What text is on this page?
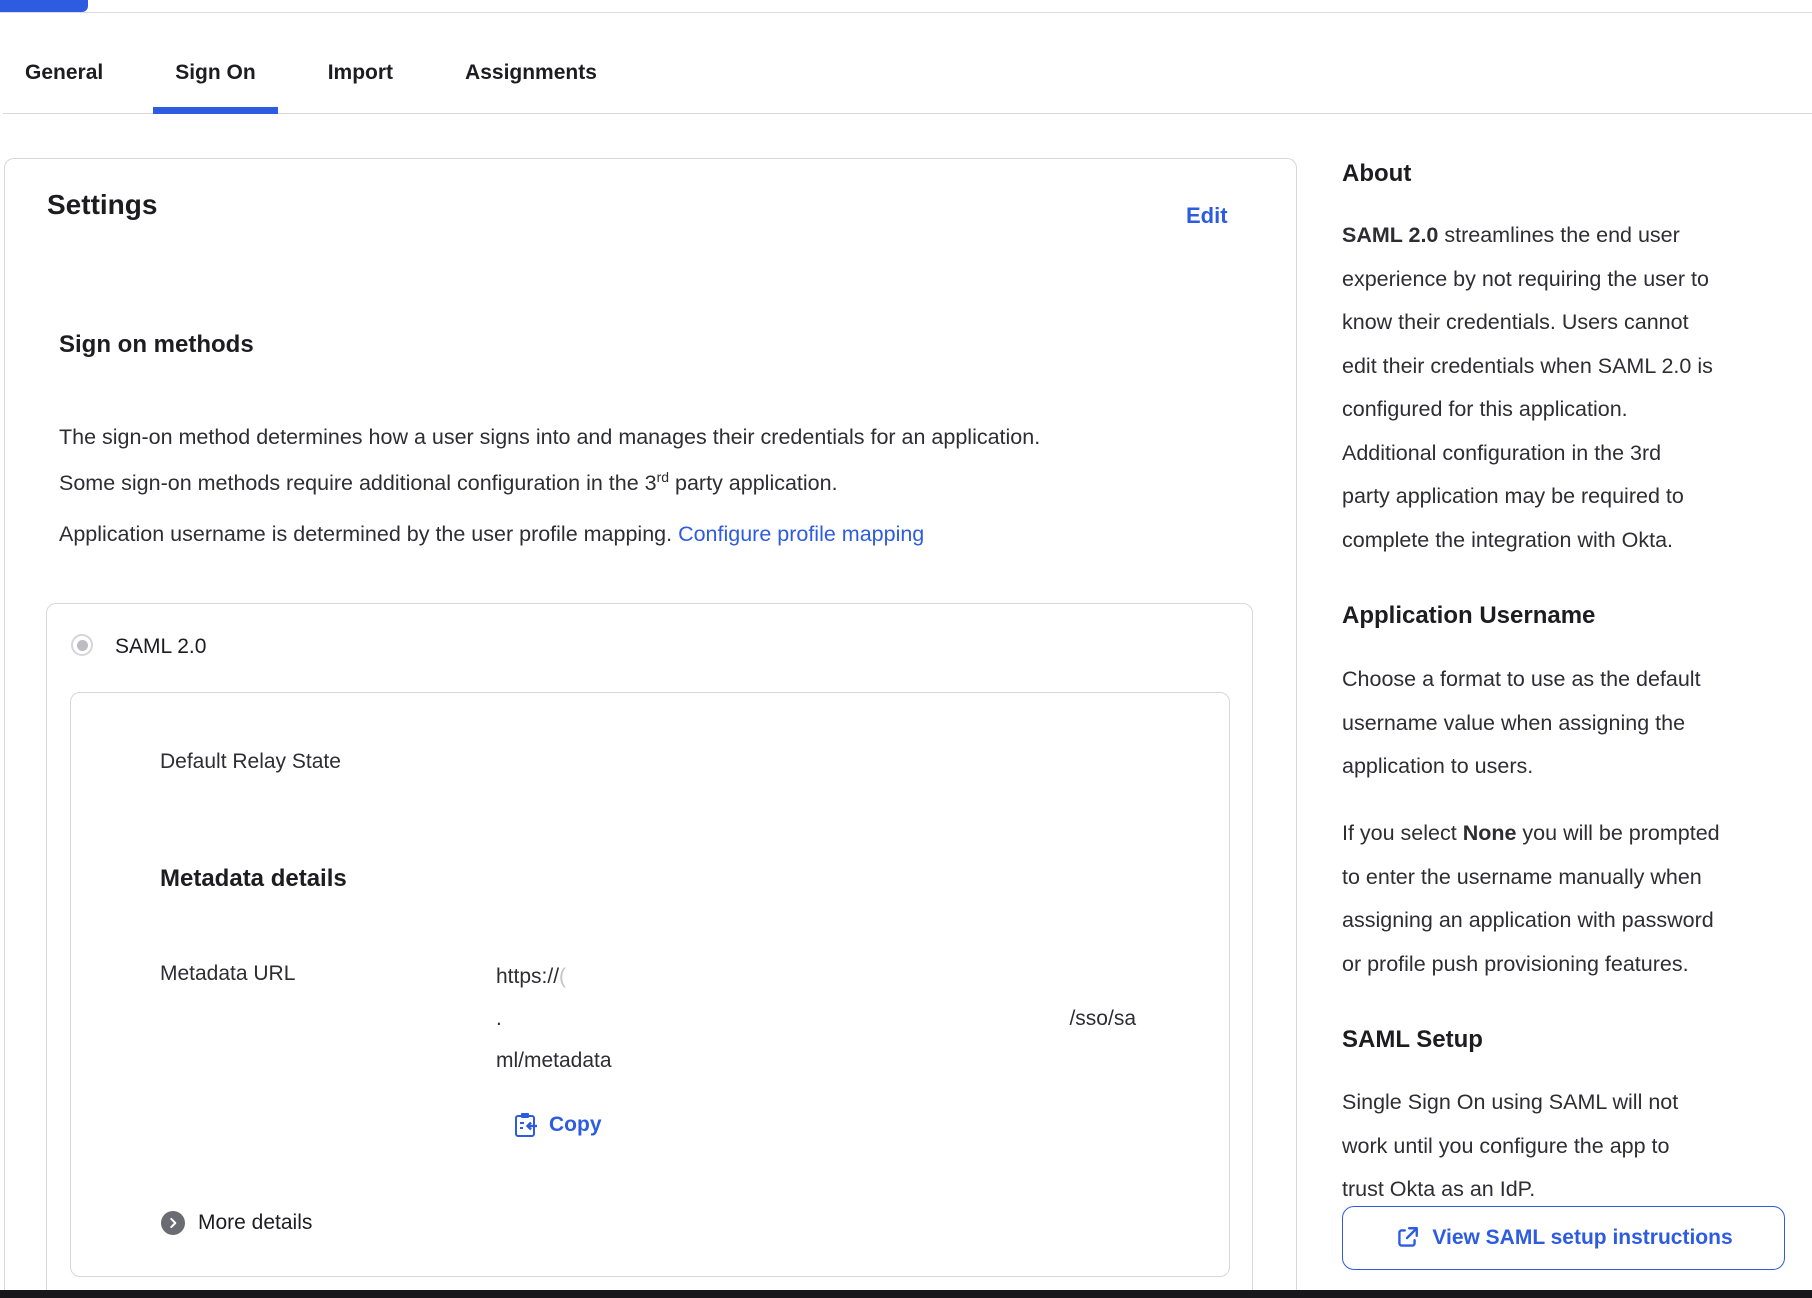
General	Sign On	Import	Assignments
Settings	Edit
Sign on methods

The sign-on method determines how a user signs into and manages their credentials for an application.
Some sign-on methods require additional configuration in the 3rd party application.

Application username is determined by the user profile mapping. Configure profile mapping

SAML 2.0
Default Relay State
Metadata details
Metadata URL	https://(
.	/sso/sa
ml/metadata
Copy
More details
About

SAML 2.0 streamlines the end user
experience by not requiring the user to
know their credentials. Users cannot
edit their credentials when SAML 2.0 is
configured for this application.
Additional configuration in the 3rd
party application may be required to
complete the integration with Okta.

Application Username

Choose a format to use as the default
username value when assigning the
application to users.

If you select None you will be prompted
to enter the username manually when
assigning an application with password
or profile push provisioning features.

SAML Setup

Single Sign On using SAML will not
work until you configure the app to
trust Okta as an IdP.

View SAML setup instructions
